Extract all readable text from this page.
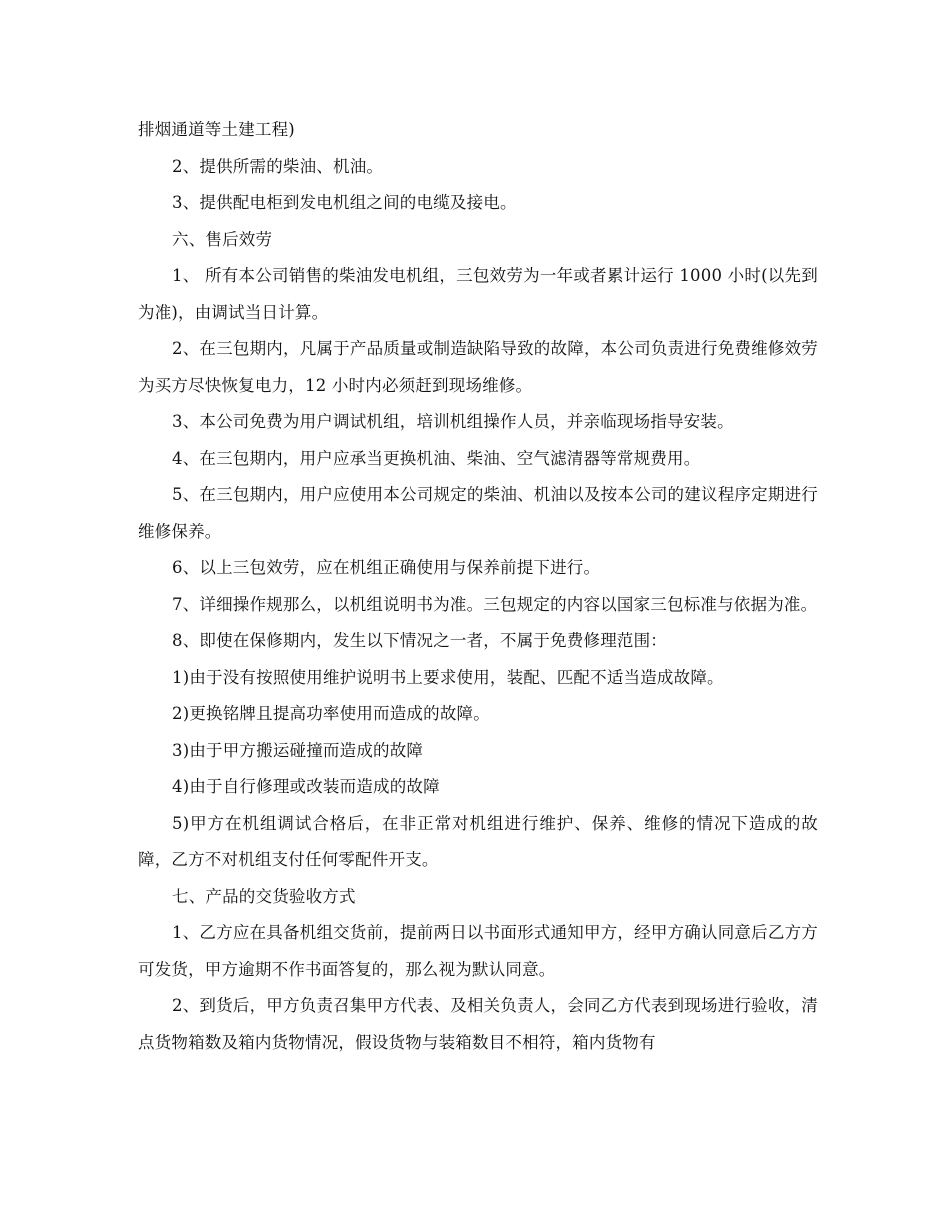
排烟通道等土建工程)

2、提供所需的柴油、机油。

3、提供配电柜到发电机组之间的电缆及接电。

六、售后效劳

1、 所有本公司销售的柴油发电机组，三包效劳为一年或者累计运行 1000 小时(以先到为准)，由调试当日计算。

2、在三包期内，凡属于产品质量或制造缺陷导致的故障，本公司负责进行免费维修效劳为买方尽快恢复电力，12 小时内必须赶到现场维修。

3、本公司免费为用户调试机组，培训机组操作人员，并亲临现场指导安装。

4、在三包期内，用户应承当更换机油、柴油、空气滤清器等常规费用。

5、在三包期内，用户应使用本公司规定的柴油、机油以及按本公司的建议程序定期进行维修保养。

6、以上三包效劳，应在机组正确使用与保养前提下进行。

7、详细操作规那么，以机组说明书为准。三包规定的内容以国家三包标准与依据为准。

8、即使在保修期内，发生以下情况之一者，不属于免费修理范围：

1)由于没有按照使用维护说明书上要求使用，装配、匹配不适当造成故障。

2)更换铭牌且提高功率使用而造成的故障。

3)由于甲方搬运碰撞而造成的故障

4)由于自行修理或改装而造成的故障

5)甲方在机组调试合格后，在非正常对机组进行维护、保养、维修的情况下造成的故障，乙方不对机组支付任何零配件开支。

七、产品的交货验收方式

1、乙方应在具备机组交货前，提前两日以书面形式通知甲方，经甲方确认同意后乙方方可发货，甲方逾期不作书面答复的，那么视为默认同意。

2、到货后，甲方负责召集甲方代表、及相关负责人，会同乙方代表到现场进行验收，清点货物箱数及箱内货物情况，假设货物与装箱数目不相符，箱内货物有
